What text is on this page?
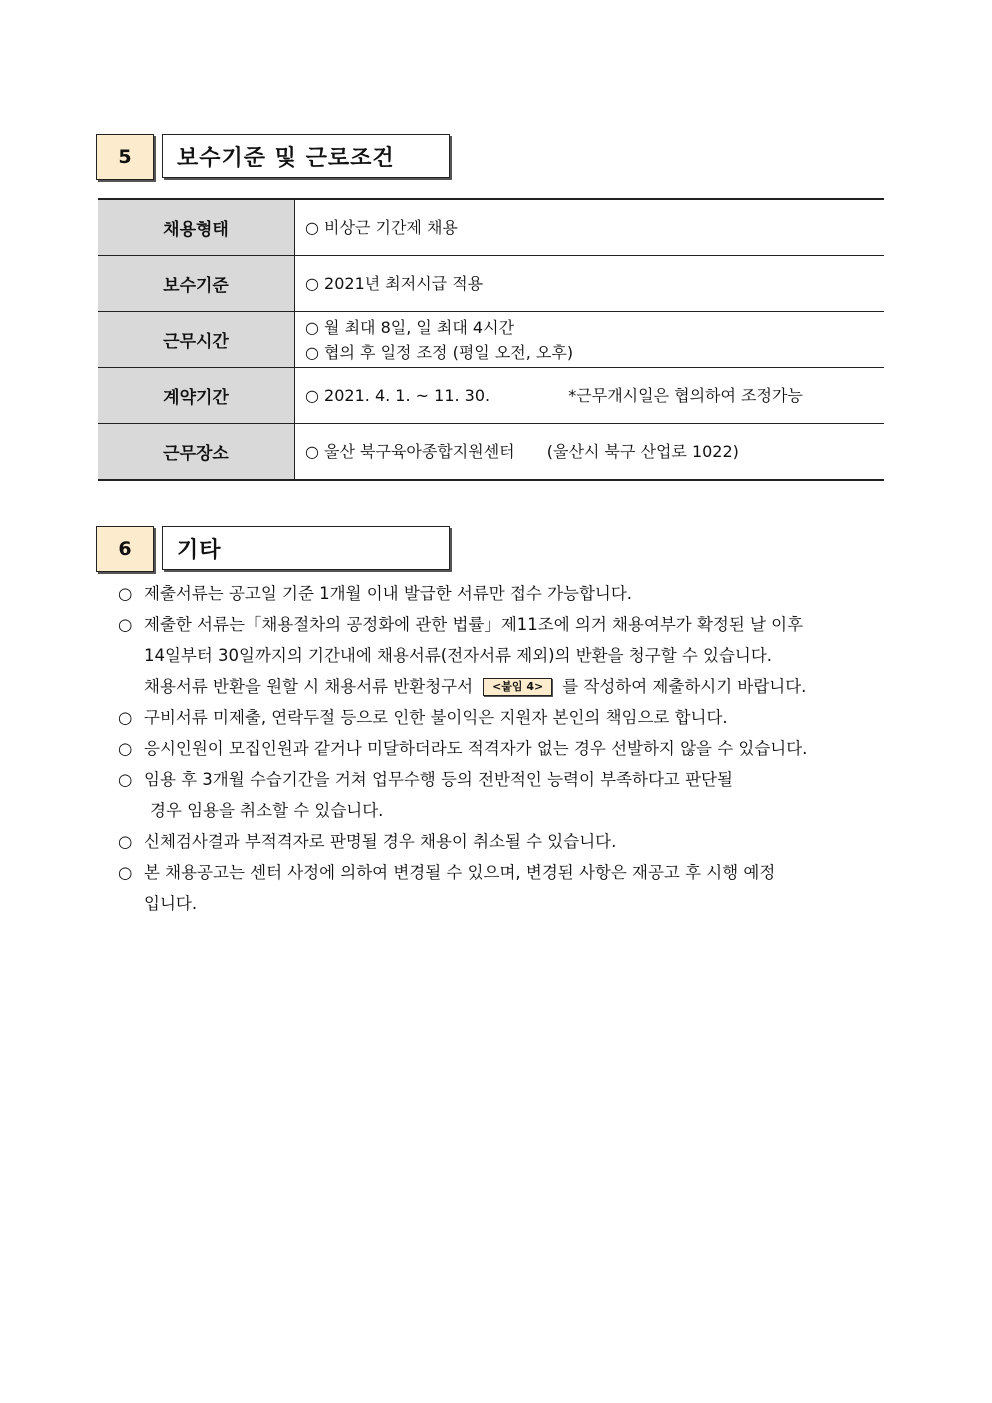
5	보수기준 및 근로조건
채용형태	○ 비상근 기간제 채용
보수기준	○ 2021년 최저시급 적용
근무시간	○ 월 최대 8일, 일 최대 4시간
○ 협의 후 일정 조정 (평일 오전, 오후)

계약기간	○ 2021. 4. 1. ~ 11. 30. *근무개시일은 협의하여 조정가능
근무장소	○ 울산 북구육아종합지원센터 (울산시 북구 산업로 1022)
6	기타
○ 제출서류는 공고일 기준 1개월 이내 발급한 서류만 접수 가능합니다.
○ 제출한 서류는「채용절차의 공정화에 관한 법률」제11조에 의거 채용여부가 확정된 날 이후
14일부터 30일까지의 기간내에 채용서류(전자서류 제외)의 반환을 청구할 수 있습니다.
채용서류 반환을 원할 시 채용서류 반환청구서 <붙임 4> 를 작성하여 제출하시기 바랍니다.
○ 구비서류 미제출, 연락두절 등으로 인한 불이익은 지원자 본인의 책임으로 합니다.
○ 응시인원이 모집인원과 같거나 미달하더라도 적격자가 없는 경우 선발하지 않을 수 있습니다.
○ 임용 후 3개월 수습기간을 거쳐 업무수행 등의 전반적인 능력이 부족하다고 판단될
경우 임용을 취소할 수 있습니다.
○ 신체검사결과 부적격자로 판명될 경우 채용이 취소될 수 있습니다.
○ 본 채용공고는 센터 사정에 의하여 변경될 수 있으며, 변경된 사항은 재공고 후 시행 예정
입니다.
